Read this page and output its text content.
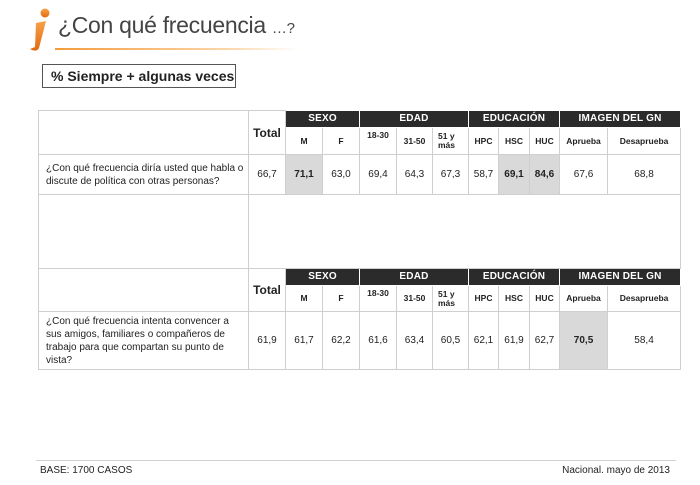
¿Con qué frecuencia …?
% Siempre + algunas veces
	Total	SEXO		EDAD			EDUCACIÓN			IMAGEN DEL GN	
		M	F	18-30	31-50	51 y más	HPC	HSC	HUC	Aprueba	Desaprueba
¿Con qué frecuencia diría usted que habla o discute de política con otras personas?	66,7	71,1	63,0	69,4	64,3	67,3	58,7	69,1	84,6	67,6	68,8

	Total	SEXO		EDAD			EDUCACIÓN			IMAGEN DEL GN	
		M	F	18-30	31-50	51 y más	HPC	HSC	HUC	Aprueba	Desaprueba
¿Con qué frecuencia intenta convencer a sus amigos, familiares o compañeros de trabajo para que compartan su punto de vista?	61,9	61,7	62,2	61,6	63,4	60,5	62,1	61,9	62,7	70,5	58,4
BASE: 1700 CASOS	Nacional. mayo de 2013
